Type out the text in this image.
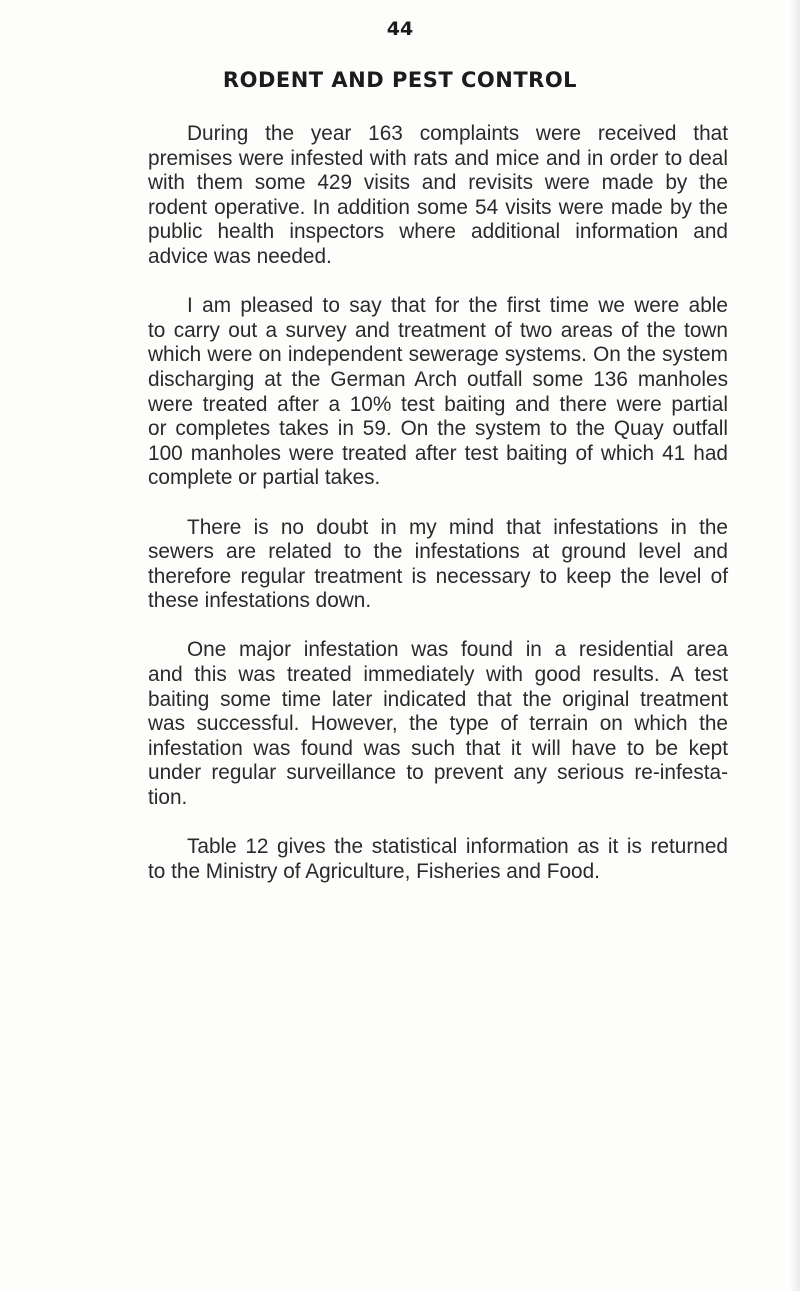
44
RODENT AND PEST CONTROL

During the year 163 complaints were received that
premises were infested with rats and mice and in order to deal
with them some 429 visits and revisits were made by the
rodent operative. In addition some 54 visits were made by the
public health inspectors where additional information and
advice was needed.

I am pleased to say that for the first time we were able
to carry out a survey and treatment of two areas of the town
which were on independent sewerage systems. On the system
discharging at the German Arch outfall some 136 manholes
were treated after a 10% test baiting and there were partial
or completes takes in 59. On the system to the Quay outfall
100 manholes were treated after test baiting of which 41 had
complete or partial takes.

There is no doubt in my mind that infestations in the
sewers are related to the infestations at ground level and
therefore regular treatment is necessary to keep the level of
these infestations down.

One major infestation was found in a residential area
and this was treated immediately with good results. A test
baiting some time later indicated that the original treatment
was successful. However, the type of terrain on which the
infestation was found was such that it will have to be kept
under regular surveillance to prevent any serious re-infesta-
tion.

Table 12 gives the statistical information as it is returned
to the Ministry of Agriculture, Fisheries and Food.
